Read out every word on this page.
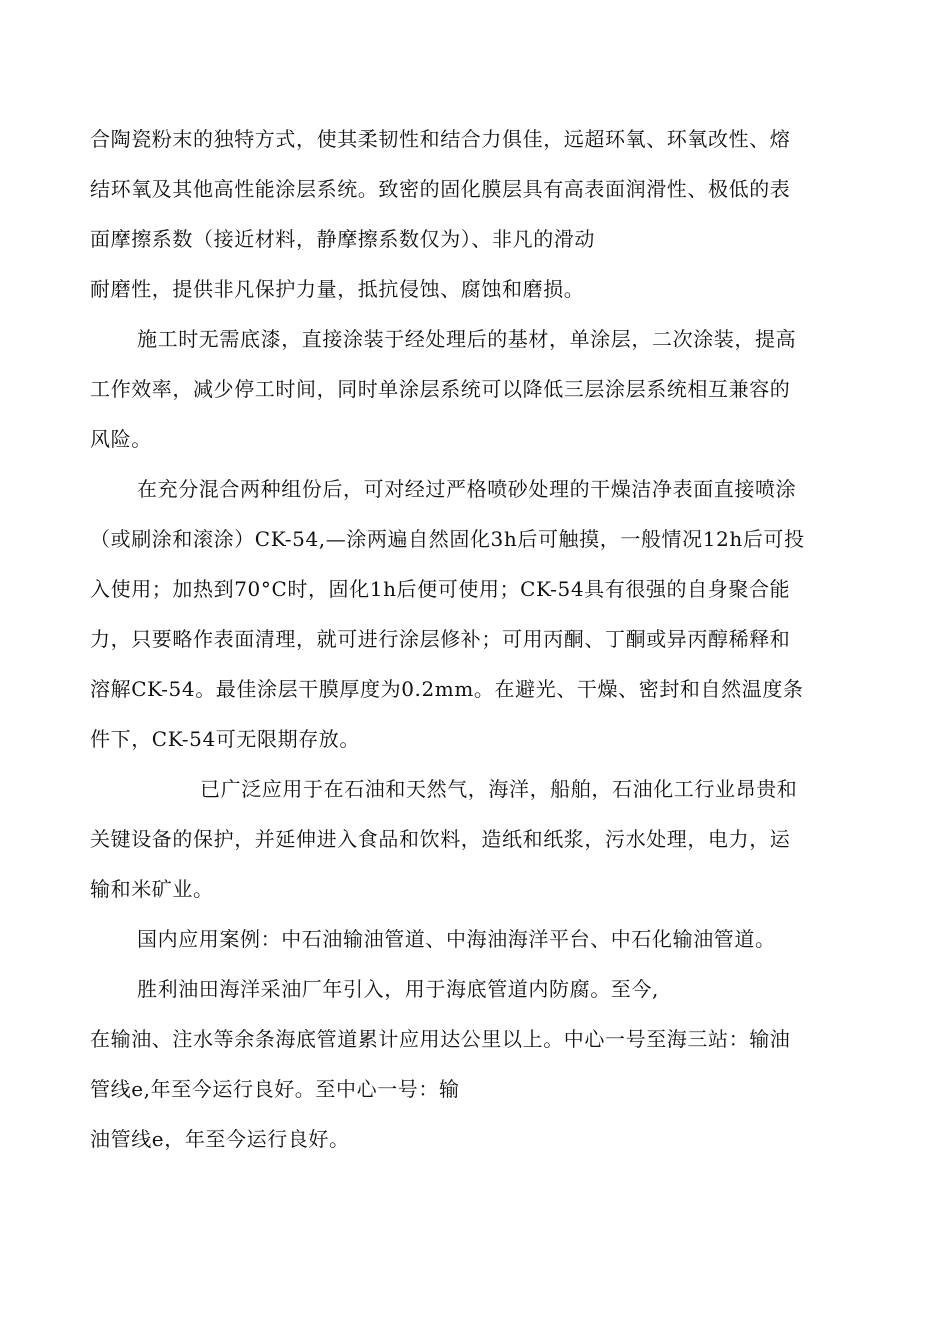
合陶瓷粉末的独特方式，使其柔韧性和结合力俱佳，远超环氧、环氧改性、熔
结环氧及其他高性能涂层系统。致密的固化膜层具有高表面润滑性、极低的表
面摩擦系数（接近材料，静摩擦系数仅为）、非凡的滑动
耐磨性，提供非凡保护力量，抵抗侵蚀、腐蚀和磨损。
施工时无需底漆，直接涂装于经处理后的基材，单涂层，二次涂装，提高
工作效率，减少停工时间，同时单涂层系统可以降低三层涂层系统相互兼容的
风险。
在充分混合两种组份后，可对经过严格喷砂处理的干燥洁净表面直接喷涂
（或刷涂和滚涂）CK-54,—涂两遍自然固化3h后可触摸，一般情况12h后可投
入使用；加热到70°C时，固化1h后便可使用；CK-54具有很强的自身聚合能
力，只要略作表面清理，就可进行涂层修补；可用丙酮、丁酮或异丙醇稀释和
溶解CK-54。最佳涂层干膜厚度为0.2mm。在避光、干燥、密封和自然温度条
件下，CK-54可无限期存放。
已广泛应用于在石油和天然气，海洋，船舶，石油化工行业昂贵和
关键设备的保护，并延伸进入食品和饮料，造纸和纸浆，污水处理，电力，运
输和米矿业。
国内应用案例：中石油输油管道、中海油海洋平台、中石化输油管道。
胜利油田海洋采油厂年引入，用于海底管道内防腐。至今,
在输油、注水等余条海底管道累计应用达公里以上。中心一号至海三站：输油
管线e,年至今运行良好。至中心一号：输
油管线e，年至今运行良好。
